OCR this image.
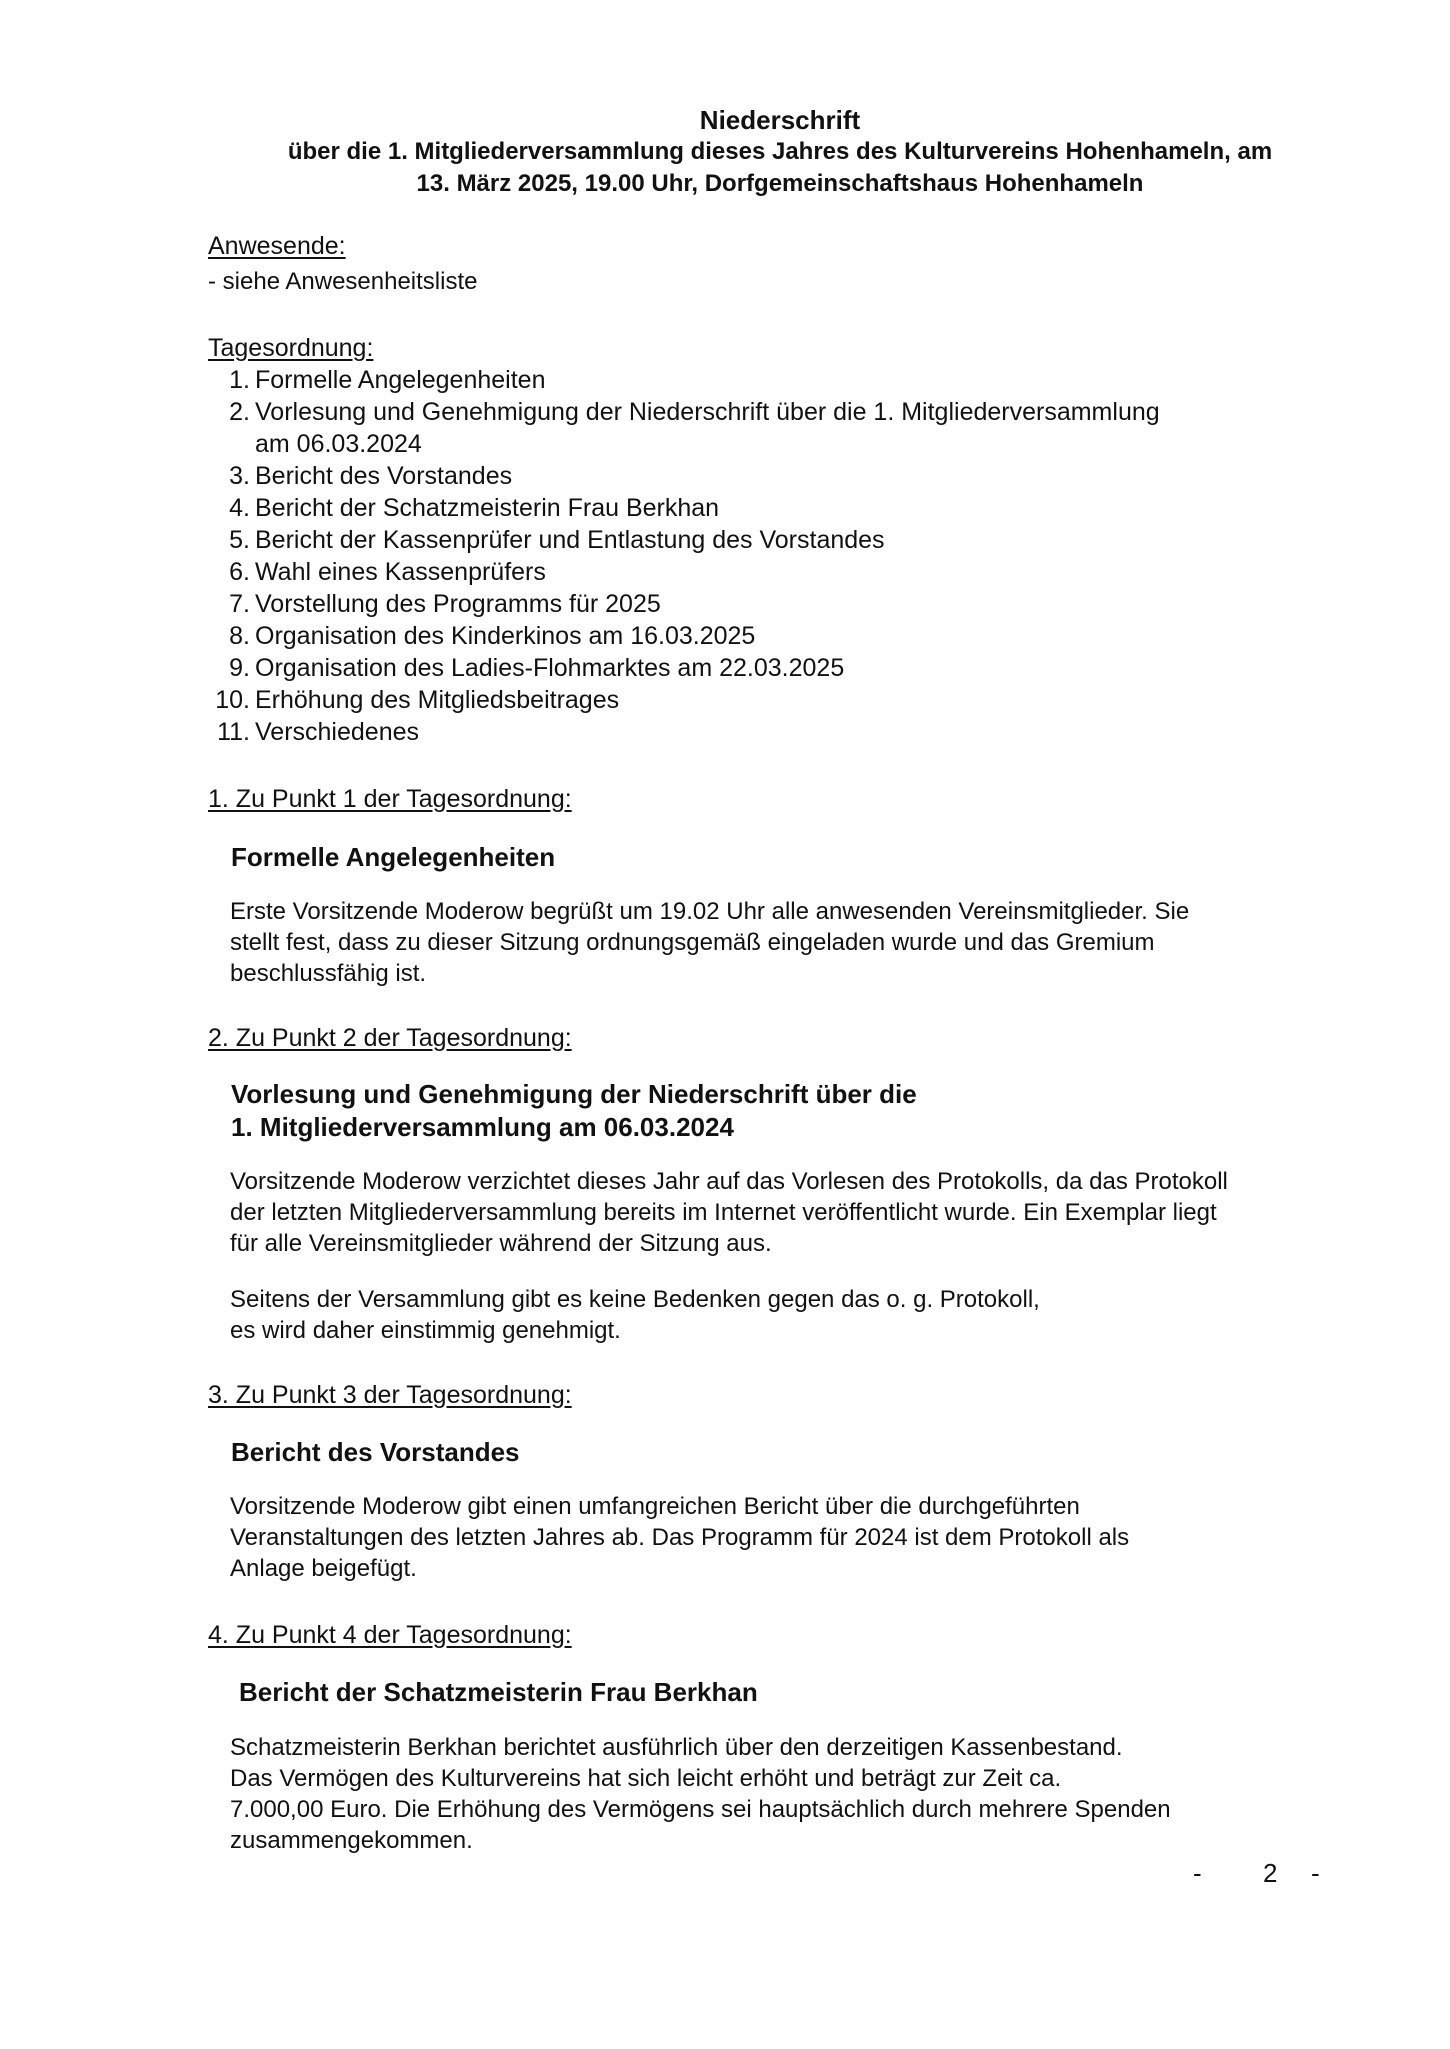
Niederschrift
über die 1. Mitgliederversammlung dieses Jahres des Kulturvereins Hohenhameln, am
13. März 2025, 19.00 Uhr, Dorfgemeinschaftshaus Hohenhameln
Anwesende:
- siehe Anwesenheitsliste
Tagesordnung:
1. Formelle Angelegenheiten
2. Vorlesung und Genehmigung der Niederschrift über die 1. Mitgliederversammlung
am 06.03.2024
3. Bericht des Vorstandes
4. Bericht der Schatzmeisterin Frau Berkhan
5. Bericht der Kassenprüfer und Entlastung des Vorstandes
6. Wahl eines Kassenprüfers
7. Vorstellung des Programms für 2025
8. Organisation des Kinderkinos am 16.03.2025
9. Organisation des Ladies-Flohmarktes am 22.03.2025
10. Erhöhung des Mitgliedsbeitrages
11. Verschiedenes
1. Zu Punkt 1 der Tagesordnung:
Formelle Angelegenheiten
Erste Vorsitzende Moderow begrüßt um 19.02 Uhr alle anwesenden Vereinsmitglieder. Sie
stellt fest, dass zu dieser Sitzung ordnungsgemäß eingeladen wurde und das Gremium
beschlussfähig ist.
2. Zu Punkt 2 der Tagesordnung:
Vorlesung und Genehmigung der Niederschrift über die
1. Mitgliederversammlung am 06.03.2024
Vorsitzende Moderow verzichtet dieses Jahr auf das Vorlesen des Protokolls, da das Protokoll
der letzten Mitgliederversammlung bereits im Internet veröffentlicht wurde. Ein Exemplar liegt
für alle Vereinsmitglieder während der Sitzung aus.
Seitens der Versammlung gibt es keine Bedenken gegen das o. g. Protokoll,
es wird daher einstimmig genehmigt.
3. Zu Punkt 3 der Tagesordnung:
Bericht des Vorstandes
Vorsitzende Moderow gibt einen umfangreichen Bericht über die durchgeführten
Veranstaltungen des letzten Jahres ab. Das Programm für 2024 ist dem Protokoll als
Anlage beigefügt.
4. Zu Punkt 4 der Tagesordnung:
Bericht der Schatzmeisterin Frau Berkhan
Schatzmeisterin Berkhan berichtet ausführlich über den derzeitigen Kassenbestand.
Das Vermögen des Kulturvereins hat sich leicht erhöht und beträgt zur Zeit ca.
7.000,00 Euro. Die Erhöhung des Vermögens sei hauptsächlich durch mehrere Spenden
zusammengekommen.
- 2 -
